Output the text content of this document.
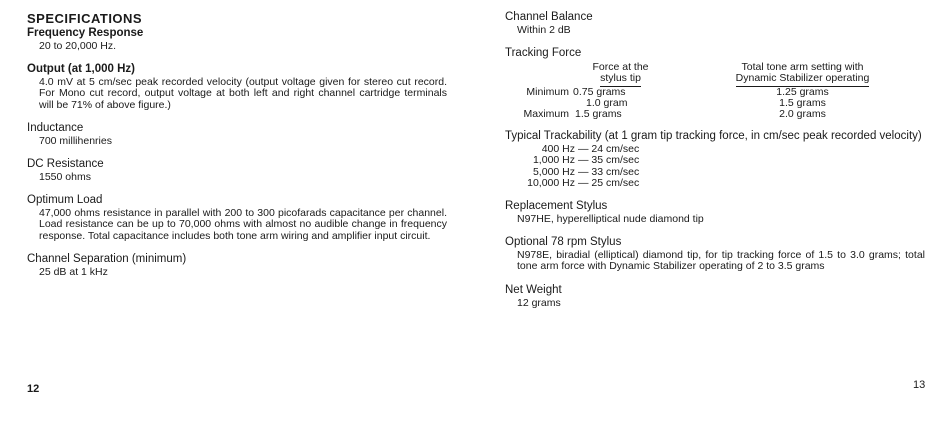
SPECIFICATIONS
Frequency Response
20 to 20,000 Hz.
Output (at 1,000 Hz)
4.0 mV at 5 cm/sec peak recorded velocity (output voltage given for stereo cut record. For Mono cut record, output voltage at both left and right channel cartridge terminals will be 71% of above figure.)
Inductance
700 millihenries
DC Resistance
1550 ohms
Optimum Load
47,000 ohms resistance in parallel with 200 to 300 picofarads capacitance per channel. Load resistance can be up to 70,000 ohms with almost no audible change in frequency response. Total capacitance includes both tone arm wiring and amplifier input circuit.
Channel Separation (minimum)
25 dB at 1 kHz
12
Channel Balance
Within 2 dB
Tracking Force

	Force at the
stylus tip		Total tone arm setting with
Dynamic Stabilizer operating
Minimum	0.75 grams		1.25 grams
	1.0 gram		1.5 grams
Maximum	1.5 grams		2.0 grams
Typical Trackability (at 1 gram tip tracking force, in cm/sec peak recorded velocity)
400 Hz	— 24 cm/sec
1,000 Hz	— 35 cm/sec
5,000 Hz	— 33 cm/sec
10,000 Hz	— 25 cm/sec
Replacement Stylus
N97HE, hyperelliptical nude diamond tip
Optional 78 rpm Stylus
N978E, biradial (elliptical) diamond tip, for tip tracking force of 1.5 to 3.0 grams; total tone arm force with Dynamic Stabilizer operating of 2 to 3.5 grams
Net Weight
12 grams
13
